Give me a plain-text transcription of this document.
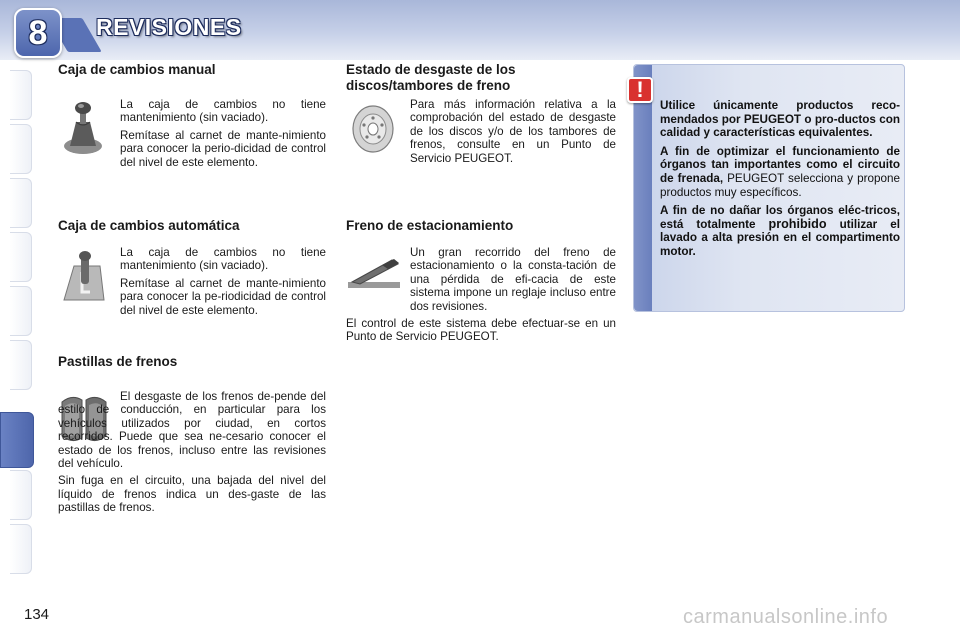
8 REVISIONES
Caja de cambios manual

La caja de cambios no tiene mantenimiento (sin vaciado).

Remítase al carnet de mante-nimiento para conocer la perio-dicidad de control del nivel de este elemento.

Caja de cambios automática

La caja de cambios no tiene mantenimiento (sin vaciado).

Remítase al carnet de mante-nimiento para conocer la pe-riodicidad de control del nivel de este elemento.

Pastillas de frenos

El desgaste de los frenos de-pende del estilo de conducción, en particular para los vehículos utilizados por ciudad, en cortos recorridos. Puede que sea ne-cesario conocer el estado de los frenos, incluso entre las revisiones del vehículo.

Sin fuga en el circuito, una bajada del nivel del líquido de frenos indica un des-gaste de las pastillas de frenos.

Estado de desgaste de los discos/tambores de freno

Para más información relativa a la comprobación del estado de desgaste de los discos y/o de los tambores de frenos, consulte en un Punto de Servicio PEUGEOT.

Freno de estacionamiento

Un gran recorrido del freno de estacionamiento o la consta-tación de una pérdida de efi-cacia de este sistema impone un reglaje incluso entre dos revisiones.

El control de este sistema debe efectuar-se en un Punto de Servicio PEUGEOT.

!

Utilice únicamente productos reco-mendados por PEUGEOT o pro-ductos con calidad y características equivalentes.

A fin de optimizar el funcionamiento de órganos tan importantes como el circuito de frenada, PEUGEOT selecciona y propone productos muy específicos.

A fin de no dañar los órganos eléc-tricos, está totalmente prohibido utilizar el lavado a alta presión en el compartimento motor.

134	carmanualsonline.info
